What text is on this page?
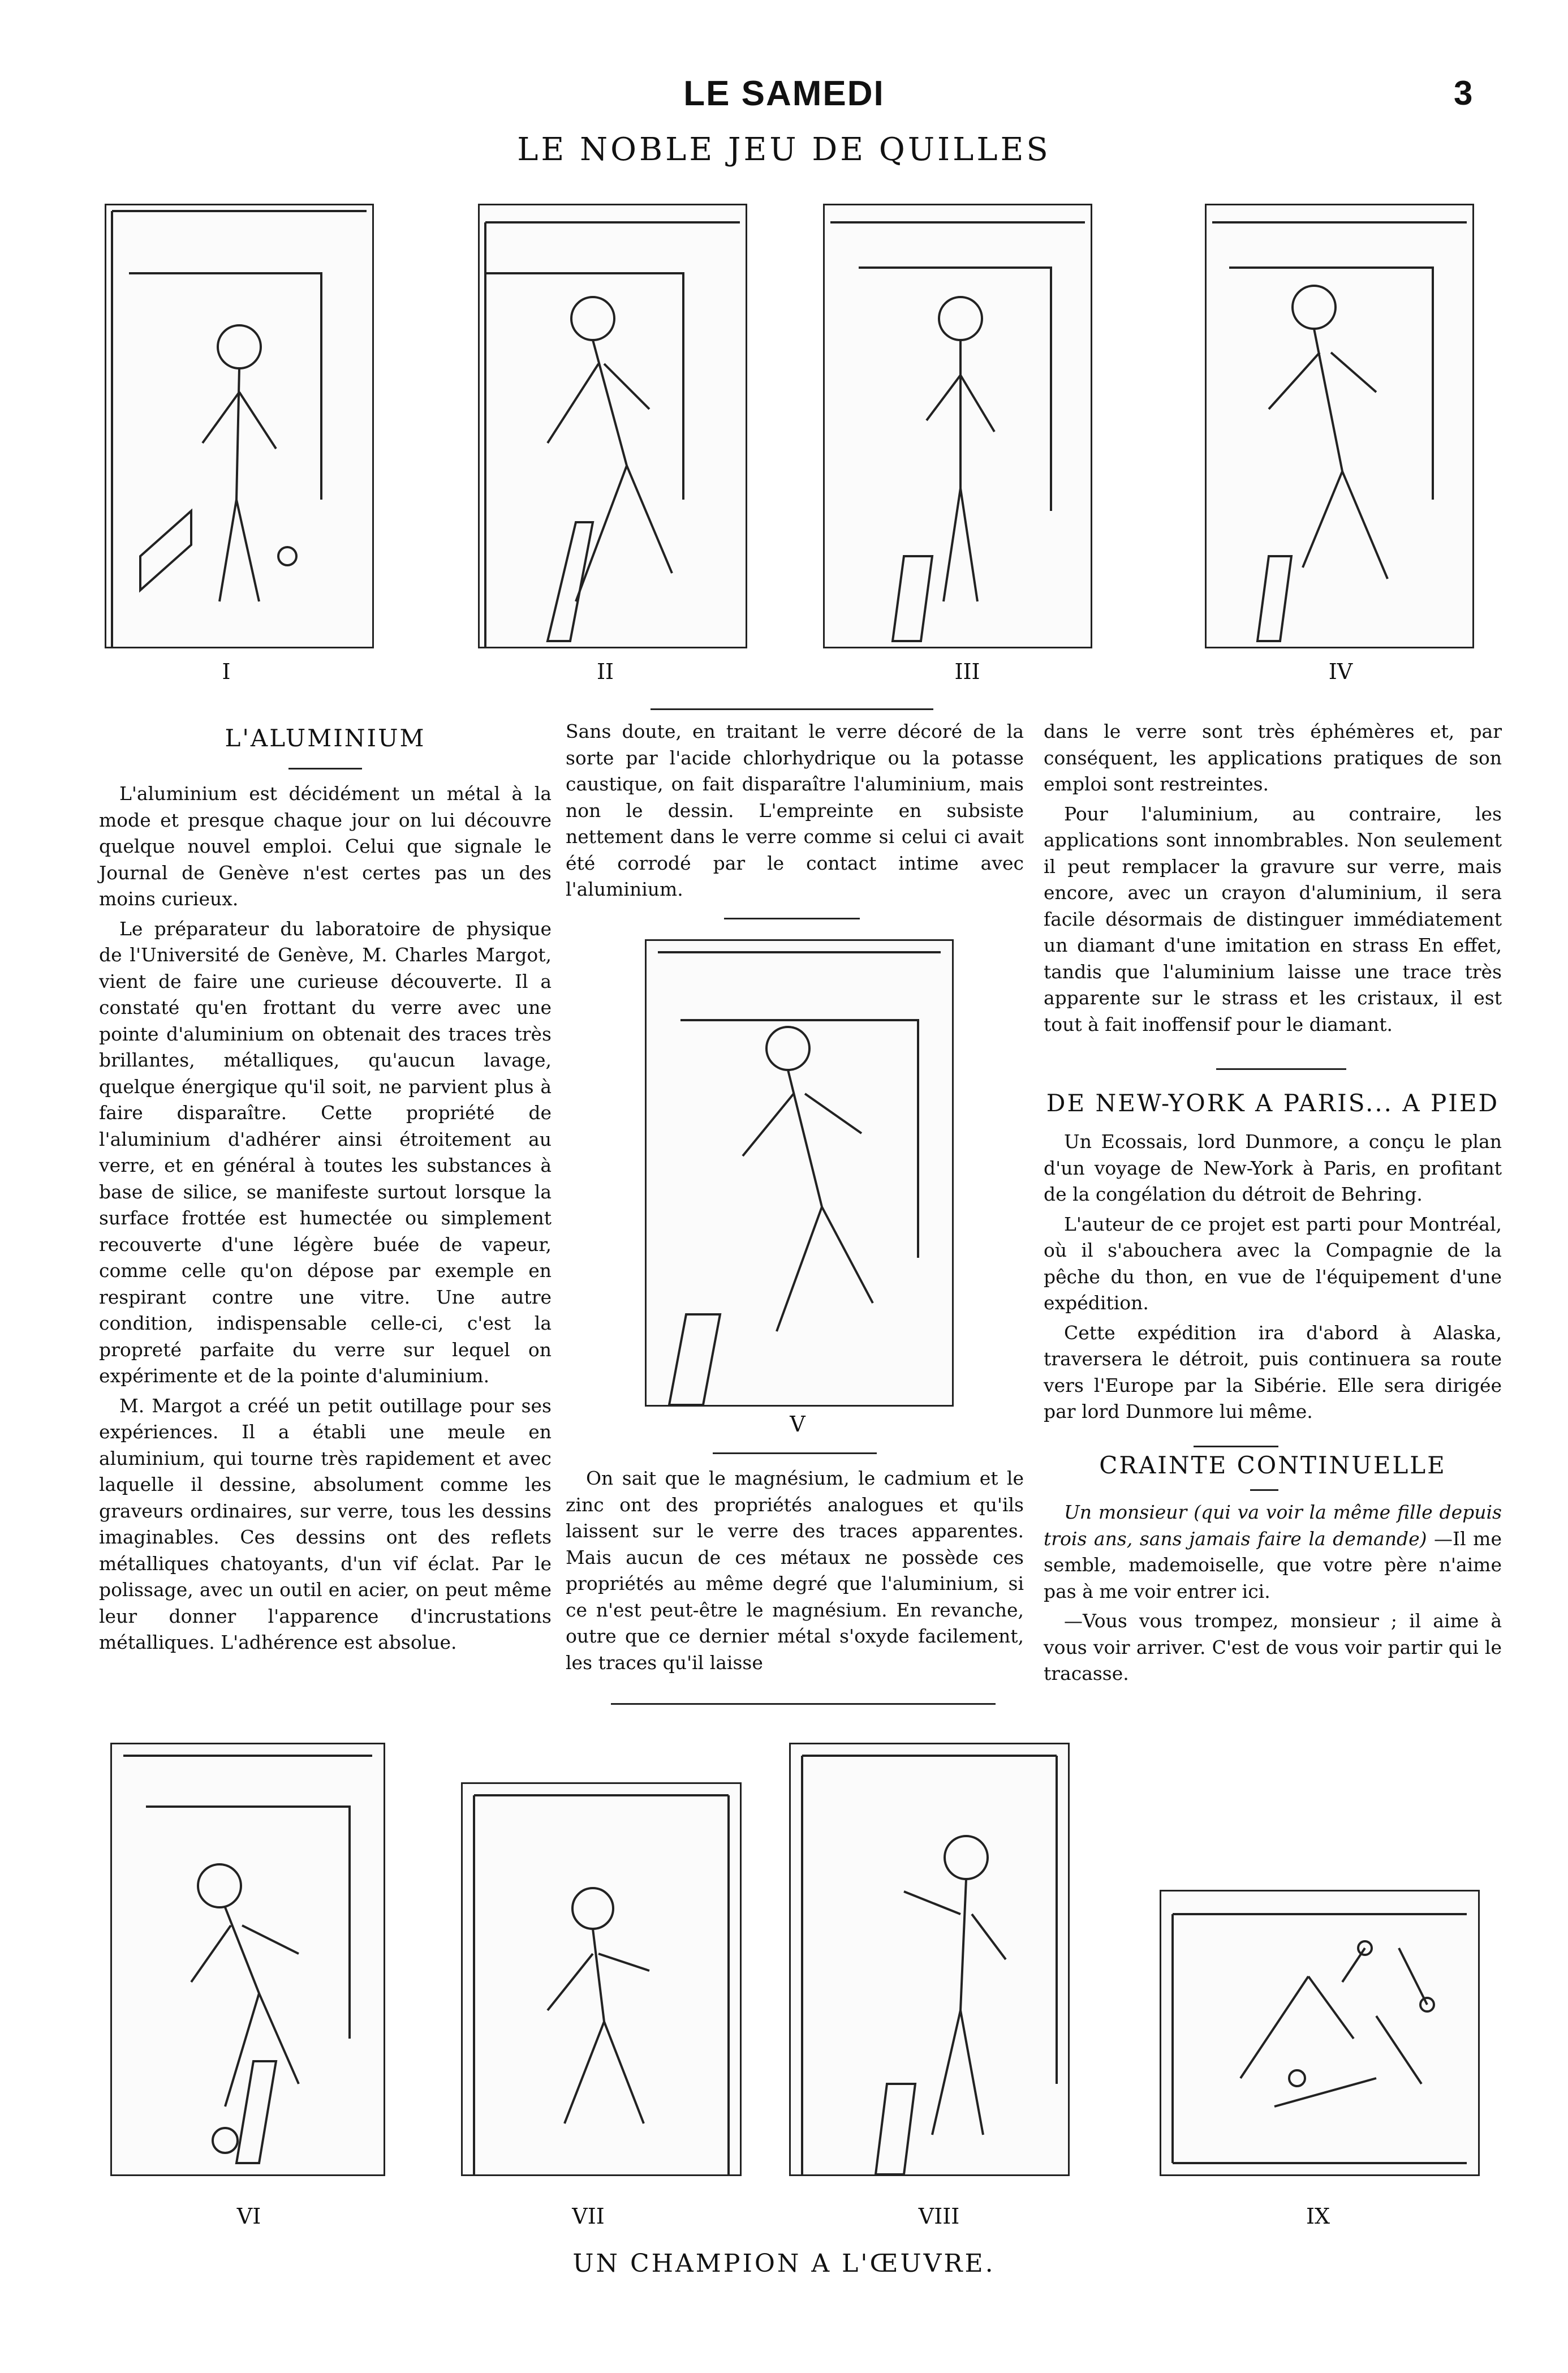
LE SAMEDI	3
LE NOBLE JEU DE QUILLES
I	II	III	IV
L'ALUMINIUM

L'aluminium est décidément un métal à la mode et presque chaque jour on lui découvre quelque nouvel emploi. Celui que signale le Journal de Genève n'est certes pas un des moins curieux.

Le préparateur du laboratoire de physique de l'Université de Genève, M. Charles Margot, vient de faire une curieuse découverte. Il a constaté qu'en frottant du verre avec une pointe d'aluminium on obtenait des traces très brillantes, métalliques, qu'aucun lavage, quelque énergique qu'il soit, ne parvient plus à faire disparaître. Cette propriété de l'aluminium d'adhérer ainsi étroitement au verre, et en général à toutes les substances à base de silice, se manifeste surtout lorsque la surface frottée est humectée ou simplement recouverte d'une légère buée de vapeur, comme celle qu'on dépose par exemple en respirant contre une vitre. Une autre condition, indispensable celle-ci, c'est la propreté parfaite du verre sur lequel on expérimente et de la pointe d'aluminium.

M. Margot a créé un petit outillage pour ses expériences. Il a établi une meule en aluminium, qui tourne très rapidement et avec laquelle il dessine, absolument comme les graveurs ordinaires, sur verre, tous les dessins imaginables. Ces dessins ont des reflets métalliques chatoyants, d'un vif éclat. Par le polissage, avec un outil en acier, on peut même leur donner l'apparence d'incrustations métalliques. L'adhérence est absolue.

Sans doute, en traitant le verre décoré de la sorte par l'acide chlorhydrique ou la potasse caustique, on fait disparaître l'aluminium, mais non le dessin. L'empreinte en subsiste nettement dans le verre comme si celui ci avait été corrodé par le contact intime avec l'aluminium.

V

On sait que le magnésium, le cadmium et le zinc ont des propriétés analogues et qu'ils laissent sur le verre des traces apparentes. Mais aucun de ces métaux ne possède ces propriétés au même degré que l'aluminium, si ce n'est peut-être le magnésium. En revanche, outre que ce dernier métal s'oxyde facilement, les traces qu'il laisse

dans le verre sont très éphémères et, par conséquent, les applications pratiques de son emploi sont restreintes.

Pour l'aluminium, au contraire, les applications sont innombrables. Non seulement il peut remplacer la gravure sur verre, mais encore, avec un crayon d'aluminium, il sera facile désormais de distinguer immédiatement un diamant d'une imitation en strass En effet, tandis que l'aluminium laisse une trace très apparente sur le strass et les cristaux, il est tout à fait inoffensif pour le diamant.

DE NEW-YORK A PARIS... A PIED

Un Ecossais, lord Dunmore, a conçu le plan d'un voyage de New-York à Paris, en profitant de la congélation du détroit de Behring.

L'auteur de ce projet est parti pour Montréal, où il s'abouchera avec la Compagnie de la pêche du thon, en vue de l'équipement d'une expédition.

Cette expédition ira d'abord à Alaska, traversera le détroit, puis continuera sa route vers l'Europe par la Sibérie. Elle sera dirigée par lord Dunmore lui même.

CRAINTE CONTINUELLE

Un monsieur (qui va voir la même fille depuis trois ans, sans jamais faire la demande) —Il me semble, mademoiselle, que votre père n'aime pas à me voir entrer ici.

—Vous vous trompez, monsieur ; il aime à vous voir arriver. C'est de vous voir partir qui le tracasse.

VI	VII	VIII	IX
UN CHAMPION A L'ŒUVRE.
